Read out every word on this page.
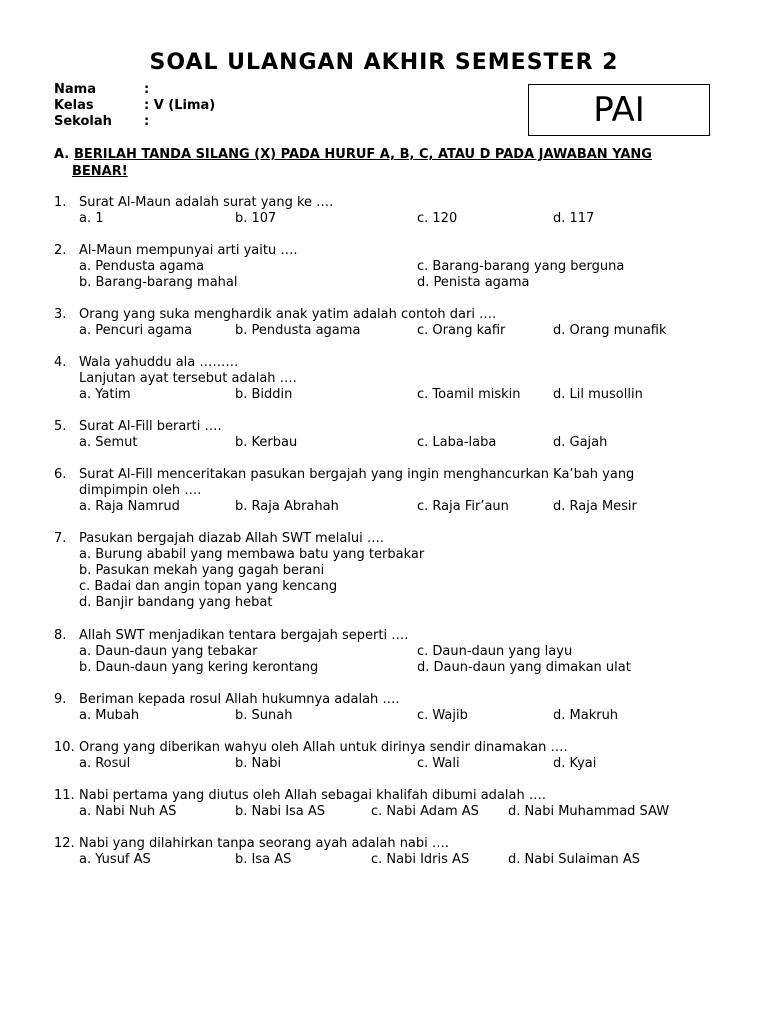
SOAL ULANGAN AKHIR SEMESTER 2
Nama	:
Kelas	: V (Lima)
Sekolah :	PAI
A. BERILAH TANDA SILANG (X) PADA HURUF A, B, C, ATAU D PADA JAWABAN YANG
BENAR!
1. Surat Al-Maun adalah surat yang ke ….
a. 1	b. 107	c. 120	d. 117
2. Al-Maun mempunyai arti yaitu ….
a. Pendusta agama	c. Barang-barang yang berguna
b. Barang-barang mahal	d. Penista agama
3. Orang yang suka menghardik anak yatim adalah contoh dari ….
a. Pencuri agama	b. Pendusta agama	c. Orang kafir	d. Orang munafik
4. Wala yahuddu ala ………
Lanjutan ayat tersebut adalah ….
a. Yatim	b. Biddin	c. Toamil miskin d. Lil musollin
5. Surat Al-Fill berarti ….
a. Semut	b. Kerbau	c. Laba-laba	d. Gajah
6. Surat Al-Fill menceritakan pasukan bergajah yang ingin menghancurkan Ka’bah yang
dimpimpin oleh ….
a. Raja Namrud	b. Raja Abrahah	c. Raja Fir’aun	d. Raja Mesir
7. Pasukan bergajah diazab Allah SWT melalui ….
a. Burung ababil yang membawa batu yang terbakar
b. Pasukan mekah yang gagah berani
c. Badai dan angin topan yang kencang
d. Banjir bandang yang hebat
8. Allah SWT menjadikan tentara bergajah seperti ….
a. Daun-daun yang tebakar	c. Daun-daun yang layu
b. Daun-daun yang kering kerontang	d. Daun-daun yang dimakan ulat
9. Beriman kepada rosul Allah hukumnya adalah ….
a. Mubah	b. Sunah	c. Wajib	d. Makruh
10. Orang yang diberikan wahyu oleh Allah untuk dirinya sendir dinamakan ….
a. Rosul	b. Nabi	c. Wali	d. Kyai
11. Nabi pertama yang diutus oleh Allah sebagai khalifah dibumi adalah ….
a. Nabi Nuh AS	b. Nabi Isa AS	c. Nabi Adam AS d. Nabi Muhammad SAW
12. Nabi yang dilahirkan tanpa seorang ayah adalah nabi ….
a. Yusuf AS	b. Isa AS	c. Nabi Idris AS	d. Nabi Sulaiman AS
